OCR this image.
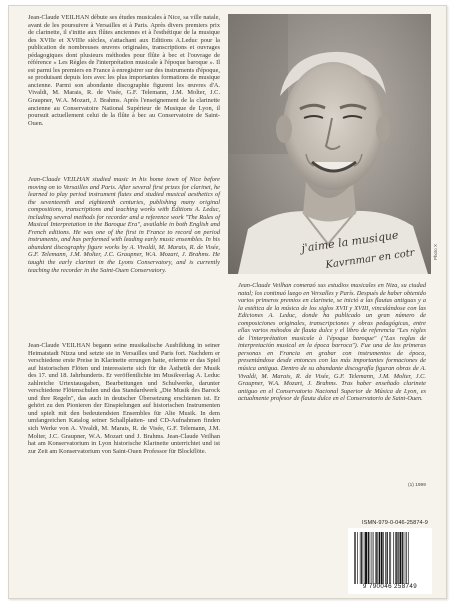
Jean-Claude VEILHAN débute ses études musicales à Nice, sa ville natale, avant de les poursuivre à Versailles et à Paris. Après divers premiers prix de clarinette, il s'initie aux flûtes anciennes et à l'esthétique de la musique des XVIIe et XVIIIe siècles, s'attachant aux Editions A.Leduc pour la publication de nombreuses œuvres originales, transcriptions et ouvrages pédagogiques dont plusieurs méthodes pour flûte à bec et l'ouvrage de référence « Les Règles de l'interprétation musicale à l'époque baroque ». Il est parmi les premiers en France à enregistrer sur des instruments d'époque, se produisant depuis lors avec les plus importantes formations de musique ancienne. Parmi son abondante discographie figurent les œuvres d'A. Vivaldi, M. Marais, R. de Visée, G.F. Telemann, J.M. Molter, J.C. Graupner, W.A. Mozart, J. Brahms. Après l'enseignement de la clarinette ancienne au Conservatoire National Supérieur de Musique de Lyon, il poursuit actuellement celui de la flûte à bec au Conservatoire de Saint-Ouen.

Jean-Claude VEILHAN studied music in his home town of Nice before moving on to Versailles and Paris. After several first prizes for clarinet, he learned to play period instrument flutes and studied musical aesthetics of the seventeenth and eighteenth centuries, publishing many original compositions, transcriptions and teaching works with Éditions A. Leduc, including several methods for recorder and a reference work "The Rules of Musical Interpretation in the Baroque Era", available in both English and French editions. He was one of the first in France to record on period instruments, and has performed with leading early music ensembles. In his abundant discography figure works by A. Vivaldi, M. Marais, R. de Visée, G.F. Telemann, J.M. Molter, J.C. Graupner, W.A. Mozart, J. Brahms. He taught the early clarinet in the Lyons Conservatory, and is currently teaching the recorder in the Saint-Ouen Conservatory.

Jean-Claude VEILHAN begann seine musikalische Ausbildung in seiner Heimatstadt Nizza und setzte sie in Versailles und Paris fort. Nachdem er verschiedene erste Preise in Klarinette errungen hatte, erlernte er das Spiel auf historischen Flöten und interessierte sich für die Ästhetik der Musik des 17. und 18. Jahrhunderts. Er veröffentlichte im Musikverlag A. Leduc zahlreiche Urtextausgaben, Bearbeitungen und Schulwerke, darunter verschiedene Flötenschulen und das Standardwerk „Die Musik des Barock und ihre Regeln", das auch in deutscher Übersetzung erschienen ist. Er gehört zu den Pionieren der Einspielungen auf historischen Instrumenten und spielt mit den bedeutendsten Ensembles für Alte Musik. In dem umfangreichen Katalog seiner Schallplatten- und CD-Aufnahmen finden sich Werke von A. Vivaldi, M. Marais, R. de Visée, G.F. Telemann, J.M. Molter, J.C. Graupner, W.A. Mozart und J. Brahms. Jean-Claude Veilhan hat am Konservatorium in Lyon historische Klarinette unterrichtet und ist zur Zeit am Konservatorium von Saint-Ouen Professor für Blockflöte.

j'aime la musique
Kavrnmar en cotr	Photo X

Jean-Claude Veilhan comenzó sus estudios musicales en Niza, su ciudad natal; los continuó luego en Versalles y París. Después de haber obtenido varios primeros premios en clarinete, se inició a las flautas antiguas y a la estética de la música de los siglos XVII y XVIII, vinculándose con las Ediciones A. Leduc, donde ha publicado un gran número de composiciones originales, transcripciones y obras pedagógicas, entre ellas varios métodos de flauta dulce y el libro de referencia "Les règles de l'interprétation musicale à l'époque baroque" ("Las reglas de interpretación musical en la época barroca"). Fue una de las primeras personas en Francia en grabar con instrumentos de época, presentándose desde entonces con las más importantes formaciones de música antigua. Dentro de su abundante discografía figuran obras de A. Vivaldi, M. Marais, R. de Visée, G.F. Telemann, J.M. Molter, J.C. Graupner, W.A. Mozart, J. Brahms. Tras haber enseñado clarinete antiguo en el Conservatorio Nacional Superior de Música de Lyon, es actualmente profesor de flauta dulce en el Conservatorio de Saint-Ouen.

(1) 1999
ISMN-979-0-046-25874-9
9 790046 258749
